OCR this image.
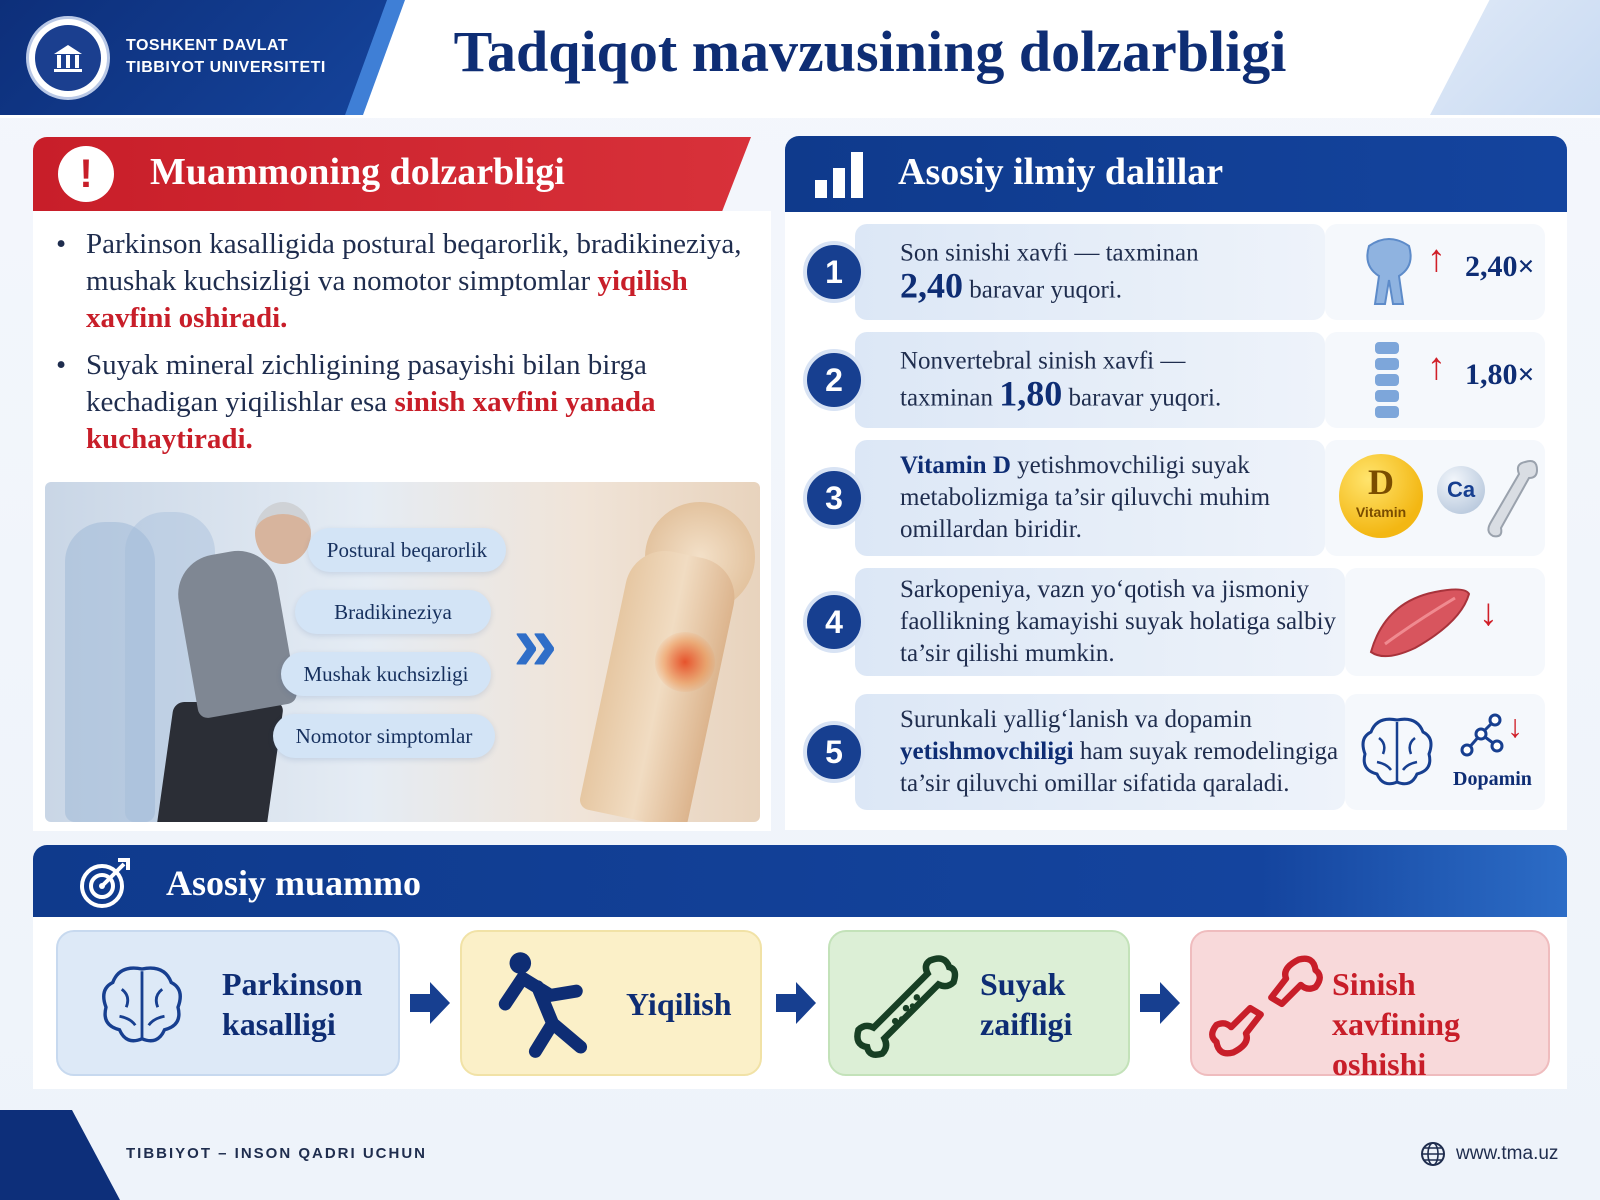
TOSHKENT DAVLAT TIBBIYOT UNIVERSITETI	Tadqiqot mavzusining dolzarbligi
!	Muammoning dolzarbligi
• Parkinson kasalligida postural beqarorlik, bradikineziya, mushak kuchsizligi va nomotor simptomlar yiqilish xavfini oshiradi.
• Suyak mineral zichligining pasayishi bilan birga kechadigan yiqilishlar esa sinish xavfini yanada kuchaytiradi.
Postural beqarorlik
Bradikineziya
Mushak kuchsizligi
Nomotor simptomlar
»
Asosiy ilmiy dalillar
1
Son sinishi xavfi — taxminan
2,40 baravar yuqori.
↑ 2,40×
2
Nonvertebral sinish xavfi —
taxminan 1,80 baravar yuqori.
↑ 1,80×
3
Vitamin D yetishmovchiligi suyak metabolizmiga ta’sir qiluvchi muhim omillardan biridir.
D
Vitamin
Ca
4
Sarkopeniya, vazn yo‘qotish va jismoniy faollikning kamayishi suyak holatiga salbiy ta’sir qilishi mumkin.
↓
5
Surunkali yallig‘lanish va dopamin yetishmovchiligi ham suyak remodelingiga ta’sir qiluvchi omillar sifatida qaraladi.
↓
Dopamin
Asosiy muammo
Parkinson
kasalligi
Yiqilish
Suyak
zaifligi
Sinish xavfining
oshishi
TIBBIYOT – INSON QADRI UCHUN	www.tma.uz
